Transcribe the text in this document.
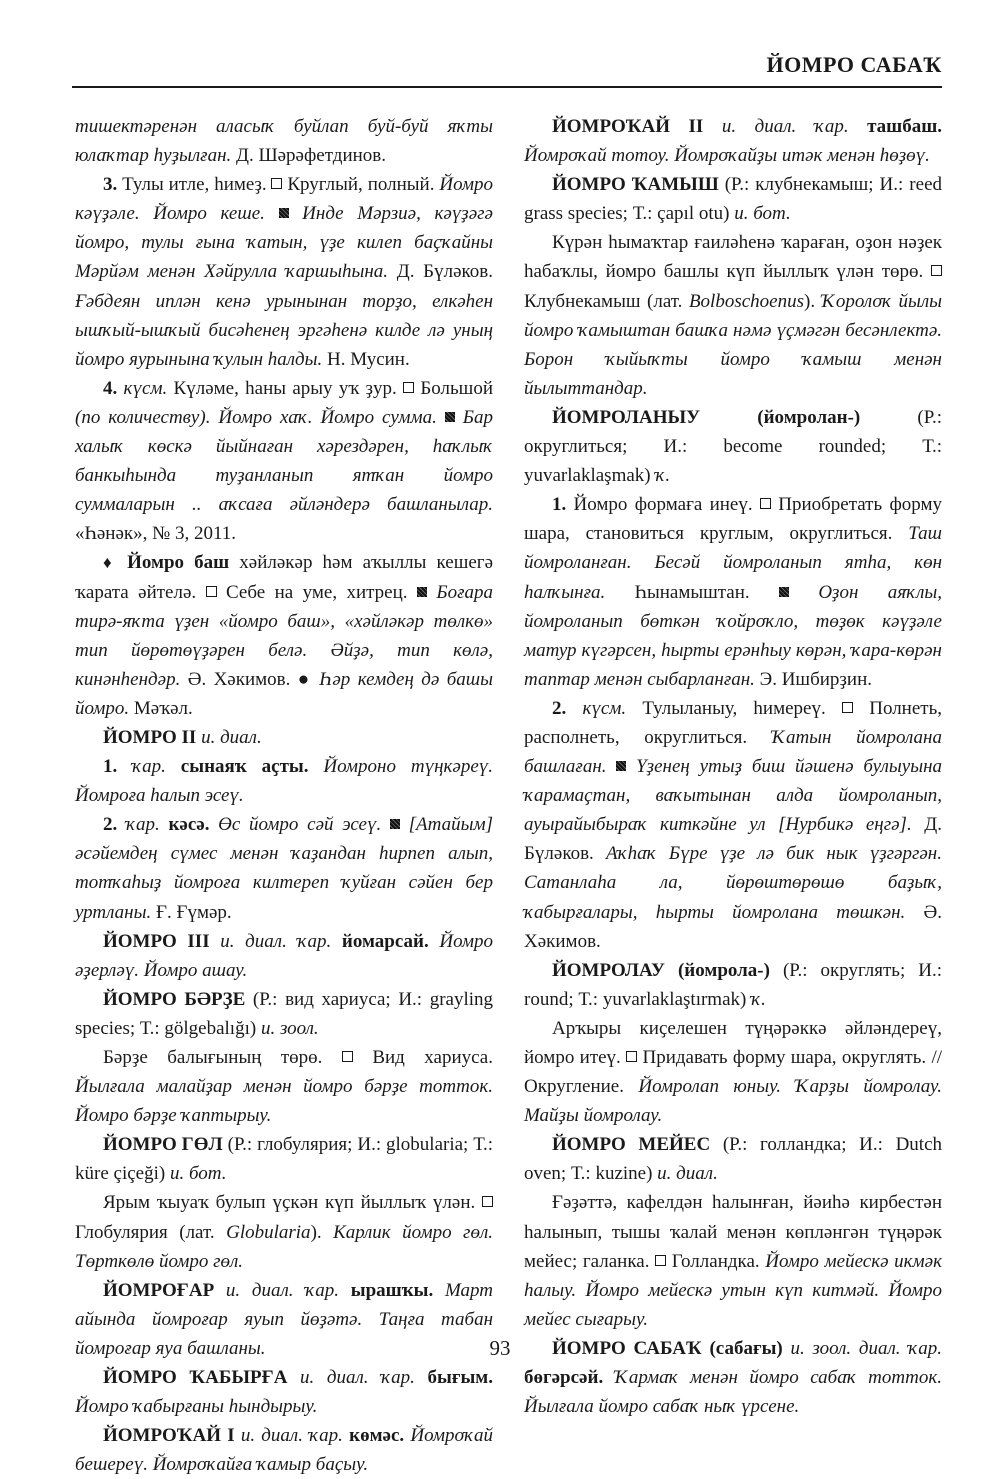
ЙОМРО САБАҠ

тишектәренән аласыҡ буйлап буй-буй яҡты юлаҡтар һуҙылған. Д. Шәрәфетдинов.

3. Тулы итле, һимеҙ.  Круглый, полный. Йомро кәүҙәле. Йомро кеше.  Инде Мәрзиә, кәүҙәгә йомро, тулы ғына ҡатын, үҙе килеп баҫҡайны Мәрйәм менән Хәйрулла ҡаршыһына. Д. Бүләков. Ғәбдеян иплән кенә урынынан торҙо, елкәһен ышҡый-ышҡый бисәһенең эргәһенә килде лә уның йомро яурынына ҡулын һалды. Н. Мусин.

4. күсм. Күләме, һаны арыу уҡ ҙур.  Большой (по количеству). Йомро хаҡ. Йомро сумма.  Бар халыҡ көскә йыйнаған хәрездәрен, һаҡлыҡ банкыһында туҙанланып ятҡан йомро суммаларын .. аҡсаға әйләндерә башланылар. «Һәнәк», № 3, 2011.

♦ Йомро баш хәйләкәр һәм аҡыллы кешегә ҡарата әйтелә.  Себе на уме, хитрец.  Боғара тирә-яҡта үҙен «йомро баш», «хәйләкәр төлкө» тип йөрөтөүҙәрен белә. Әйҙә, тип көлә, кинәнһендәр. Ә. Хәкимов. ● Һәр кемдең дә башы йомро. Мәҡәл.

ЙОМРО II и. диал.

1. ҡар. сынаяҡ аҫты. Йомроно түңкәреү. Йомроға һалып эсеү.

2. ҡар. кәсә. Өс йомро сәй эсеү.  [Атайым] әсәйемдең сүмес менән ҡаҙандан һирпеп алып, тотҡаһыҙ йомроға килтереп ҡуйған сәйен бер уртланы. Ғ. Ғүмәр.

ЙОМРО III и. диал. ҡар. йомарсай. Йомро әҙерләү. Йомро ашау.

ЙОМРО БӘРҘЕ (Р.: вид хариуса; И.: grayling species; Т.: gölgebalığı) и. зоол.

Бәрҙе балығының төрө.  Вид хариуса. Йылғала малайҙар менән йомро бәрҙе тотток. Йомро бәрҙе ҡаптырыу.

ЙОМРО ГӨЛ (Р.: глобулярия; И.: globularia; Т.: küre çiçeği) и. бот.

Ярым ҡыуаҡ булып үҫкән күп йыллыҡ үлән.  Глобулярия (лат. Globularia). Карлик йомро гөл. Төрткөлө йомро гөл.

ЙОМРОҒАР и. диал. ҡар. ырашҡы. Март айында йомроғар яуып йөҙәтә. Таңға табан йомроғар яуа башланы.

ЙОМРО ҠАБЫРҒА и. диал. ҡар. бығым. Йомро ҡабырғаны һындырыу.

ЙОМРОҠАЙ I и. диал. ҡар. көмәс. Йомроҡай бешереү. Йомроҡайға ҡамыр баҫыу.

ЙОМРОҠАЙ II и. диал. ҡар. ташбаш. Йомроҡай тотоу. Йомроҡайҙы итәк менән һөҙөү.

ЙОМРО ҠАМЫШ (Р.: клубнекамыш; И.: reed grass species; Т.: çapıl otu) и. бот.

Күрән һымаҡтар ғаиләһенә ҡараған, оҙон нәҙек һабаҡлы, йомро башлы күп йыллыҡ үлән төрө.  Клубнекамыш (лат. Bolboschoenus). Ҡоролоҡ йылы йомро ҡамыштан башҡа нәмә үҫмәгән бесәнлектә. Борон ҡыйыҡты йомро ҡамыш менән йылыттандар.

ЙОМРОЛАНЫУ (йомролан-) (Р.: округлиться; И.: become rounded; Т.: yuvarlaklaşmak) ҡ.

1. Йомро формаға инеү.  Приобретать форму шара, становиться круглым, округлиться. Таш йомроланған. Бесәй йомроланып ятһа, көн һалҡынға. Һынамыштан.  Оҙон аяҡлы, йомроланып бөткән ҡойроҡло, төҙөк кәүҙәле матур күгәрсен, һырты ерәнһыу көрән, ҡара-көрән таптар менән сыбарланған. Э. Ишбирҙин.

2. күсм. Тулыланыу, һимереү.  Полнеть, располнеть, округлиться. Ҡатын йомролана башлаған.  Үҙенең утыҙ биш йәшенә булыуына ҡарамаҫтан, ваҡытынан алда йомроланып, ауырайыбыраҡ киткәйне ул [Нурбикә еңгә]. Д. Бүләков. Аҡһаҡ Бүре үҙе лә бик нык үҙгәргән. Сатанлаһа ла, йөрөштөрөшө баҙыҡ, ҡабырғалары, һырты йомролана төшкән. Ә. Хәкимов.

ЙОМРОЛАУ (йомрола-) (Р.: округлять; И.: round; Т.: yuvarlaklaştırmak) ҡ.

Арҡыры киҫелешен түңәрәккә әйләндереү, йомро итеү.  Придавать форму шара, округлять. // Округление. Йомролап юныу. Ҡарҙы йомролау. Майҙы йомролау.

ЙОМРО МЕЙЕС (Р.: голландка; И.: Dutch oven; Т.: kuzine) и. диал.

Ғәҙәттә, кафелдән һалынған, йәиһә кирбестән һалынып, тышы ҡалай менән көпләнгән түңәрәк мейес; галанка.  Голландка. Йомро мейескә икмәк һалыу. Йомро мейескә утын күп китмәй. Йомро мейес сығарыу.

ЙОМРО САБАҠ (сабағы) и. зоол. диал. ҡар. бөгәрсәй. Ҡармаҡ менән йомро сабаҡ тотток. Йылғала йомро сабаҡ ныҡ үрсене.

93
